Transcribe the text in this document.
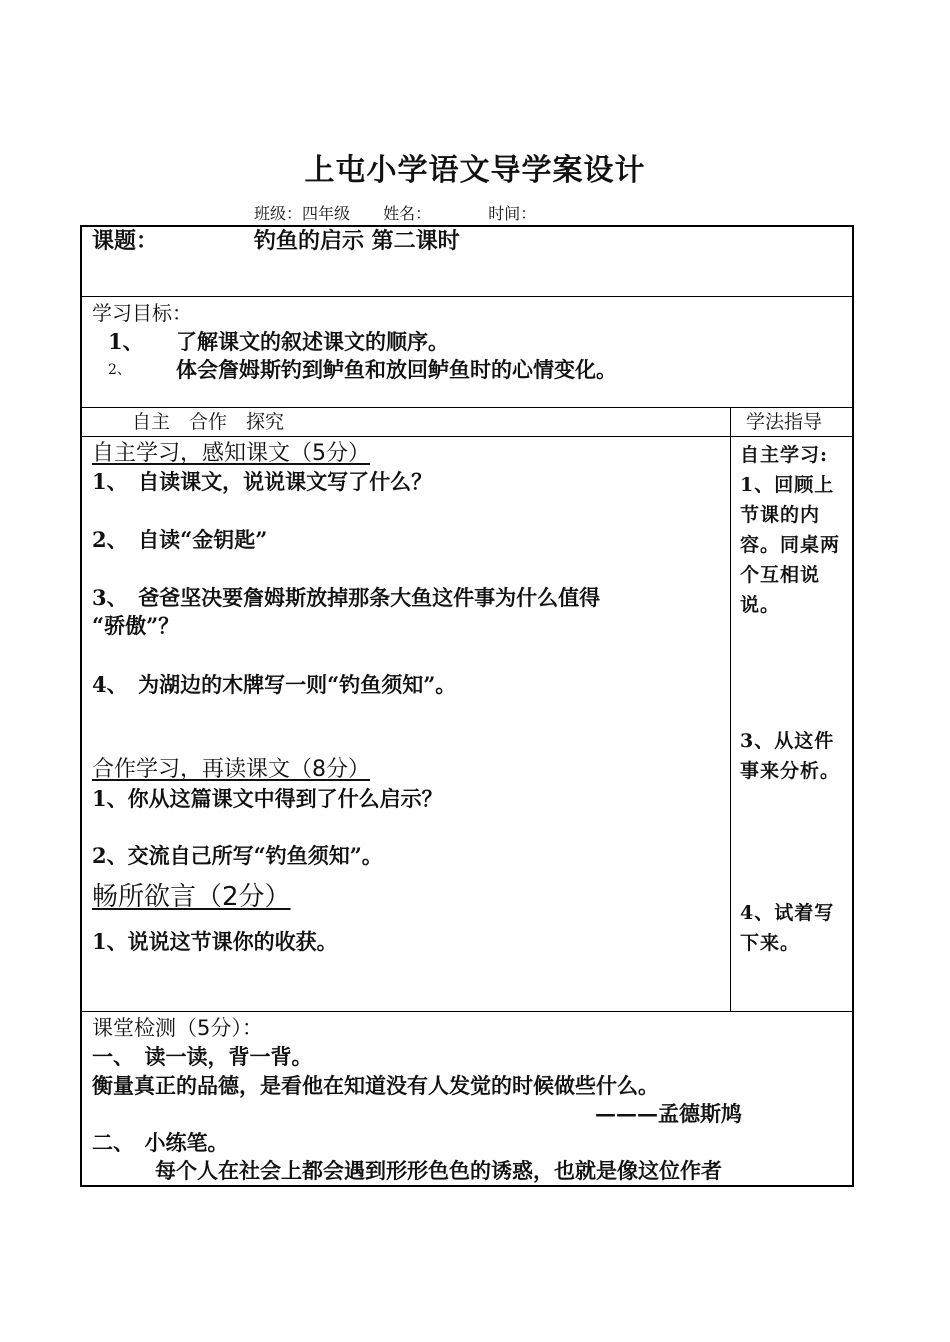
上屯小学语文导学案设计
班级：四年级 姓名：	时间：
课题：	钓鱼的启示 第二课时
学习目标：
1、 了解课文的叙述课文的顺序。
2、 体会詹姆斯钓到鲈鱼和放回鲈鱼时的心情变化。
自主　合作　探究	学法指导
自主学习，感知课文（5分）
1、　自读课文，说说课文写了什么？
2、　自读“金钥匙”
3、　爸爸坚决要詹姆斯放掉那条大鱼这件事为什么值得
“骄傲”？
4、　为湖边的木牌写一则“钓鱼须知”。
合作学习，再读课文（8分）
1、你从这篇课文中得到了什么启示？
2、交流自己所写“钓鱼须知”。
畅所欲言（2分）
1、说说这节课你的收获。
自主学习:
1、回顾上节课的内容。同桌两个互相说说。
3、从这件事来分析。
4、试着写下来。
课堂检测（5分）：
一、　读一读，背一背。
衡量真正的品德，是看他在知道没有人发觉的时候做些什么。
———孟德斯鸠
二、　小练笔。
每个人在社会上都会遇到形形色色的诱惑，也就是像这位作者
